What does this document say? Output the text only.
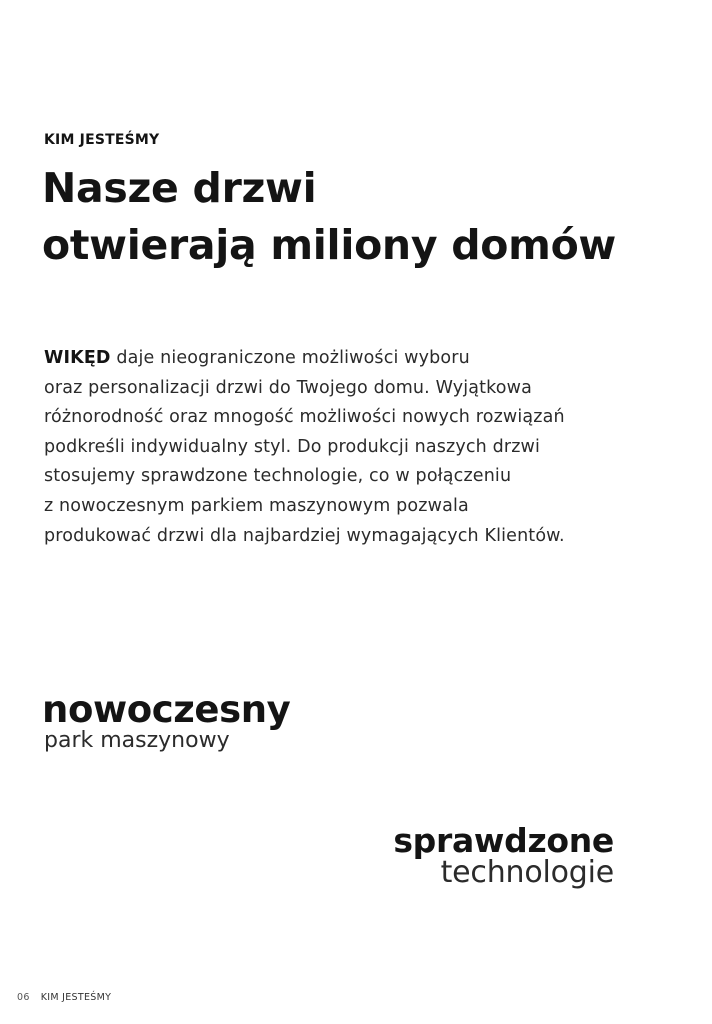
KIM JESTEŚMY
Nasze drzwi
otwierają miliony domów

WIKĘD daje nieograniczone możliwości wyboru
oraz personalizacji drzwi do Twojego domu. Wyjątkowa
różnorodność oraz mnogość możliwości nowych rozwiązań
podkreśli indywidualny styl. Do produkcji naszych drzwi
stosujemy sprawdzone technologie, co w połączeniu
z nowoczesnym parkiem maszynowym pozwala
produkować drzwi dla najbardziej wymagających Klientów.

nowoczesny
park maszynowy
sprawdzone
technologie
06 KIM JESTEŚMY
